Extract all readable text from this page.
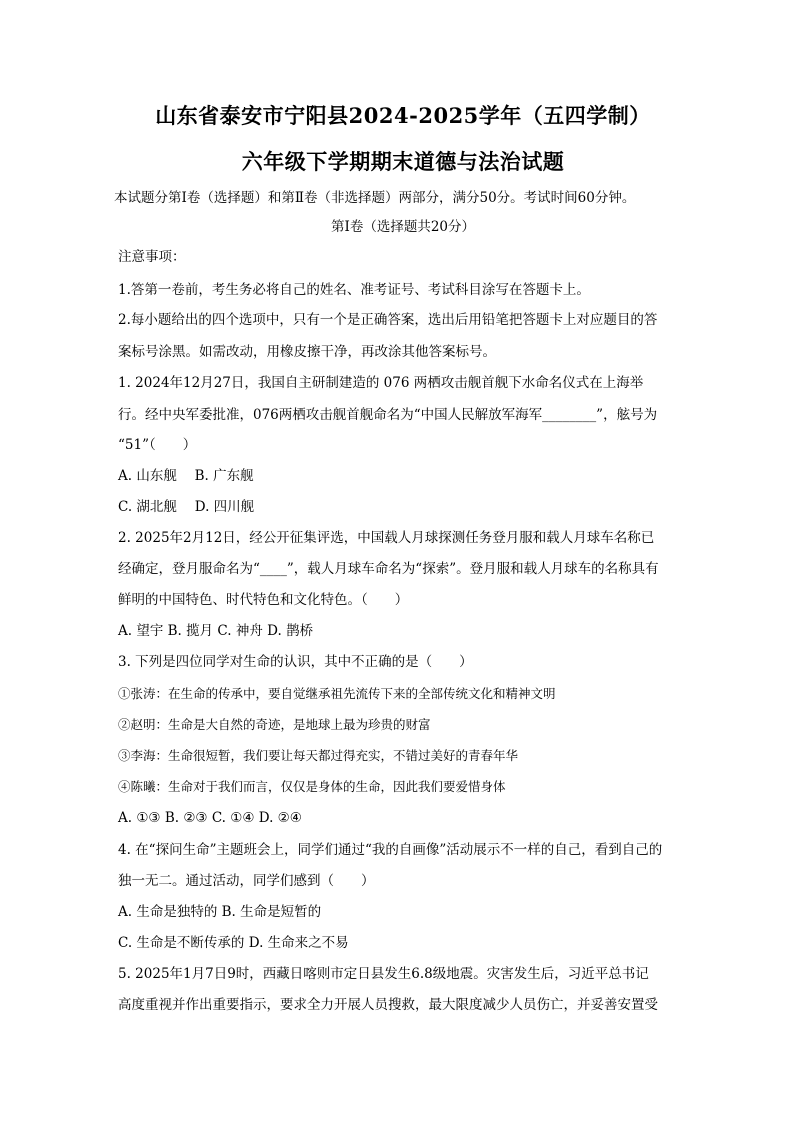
山东省泰安市宁阳县2024-2025学年（五四学制）
六年级下学期期末道德与法治试题
本试题分第Ⅰ卷（选择题）和第Ⅱ卷（非选择题）两部分，满分50分。考试时间60分钟。
第Ⅰ卷（选择题共20分）
注意事项：
1.答第一卷前，考生务必将自己的姓名、准考证号、考试科目涂写在答题卡上。
2.每小题给出的四个选项中，只有一个是正确答案，选出后用铅笔把答题卡上对应题目的答
案标号涂黑。如需改动，用橡皮擦干净，再改涂其他答案标号。
1. 2024年12月27日，我国自主研制建造的 076 两栖攻击舰首舰下水命名仪式在上海举
行。经中央军委批准，076两栖攻击舰首舰命名为“中国人民解放军海军________”，舷号为
“51”（　　）
A. 山东舰　 B. 广东舰
C. 湖北舰　 D. 四川舰
2. 2025年2月12日，经公开征集评选，中国载人月球探测任务登月服和载人月球车名称已
经确定，登月服命名为“____”，载人月球车命名为“探索”。登月服和载人月球车的名称具有
鲜明的中国特色、时代特色和文化特色。（　　）
A. 望宇 B. 揽月 C. 神舟 D. 鹊桥
3. 下列是四位同学对生命的认识，其中不正确的是（　　）
①张涛：在生命的传承中，要自觉继承祖先流传下来的全部传统文化和精神文明
②赵明：生命是大自然的奇迹，是地球上最为珍贵的财富
③李海：生命很短暂，我们要让每天都过得充实，不错过美好的青春年华
④陈曦：生命对于我们而言，仅仅是身体的生命，因此我们要爱惜身体
A. ①③ B. ②③ C. ①④ D. ②④
4. 在“探问生命”主题班会上，同学们通过“我的自画像”活动展示不一样的自己，看到自己的
独一无二。通过活动，同学们感到（　　）
A. 生命是独特的 B. 生命是短暂的
C. 生命是不断传承的 D. 生命来之不易
5. 2025年1月7日9时，西藏日喀则市定日县发生6.8级地震。灾害发生后，习近平总书记
高度重视并作出重要指示，要求全力开展人员搜救，最大限度减少人员伤亡，并妥善安置受
